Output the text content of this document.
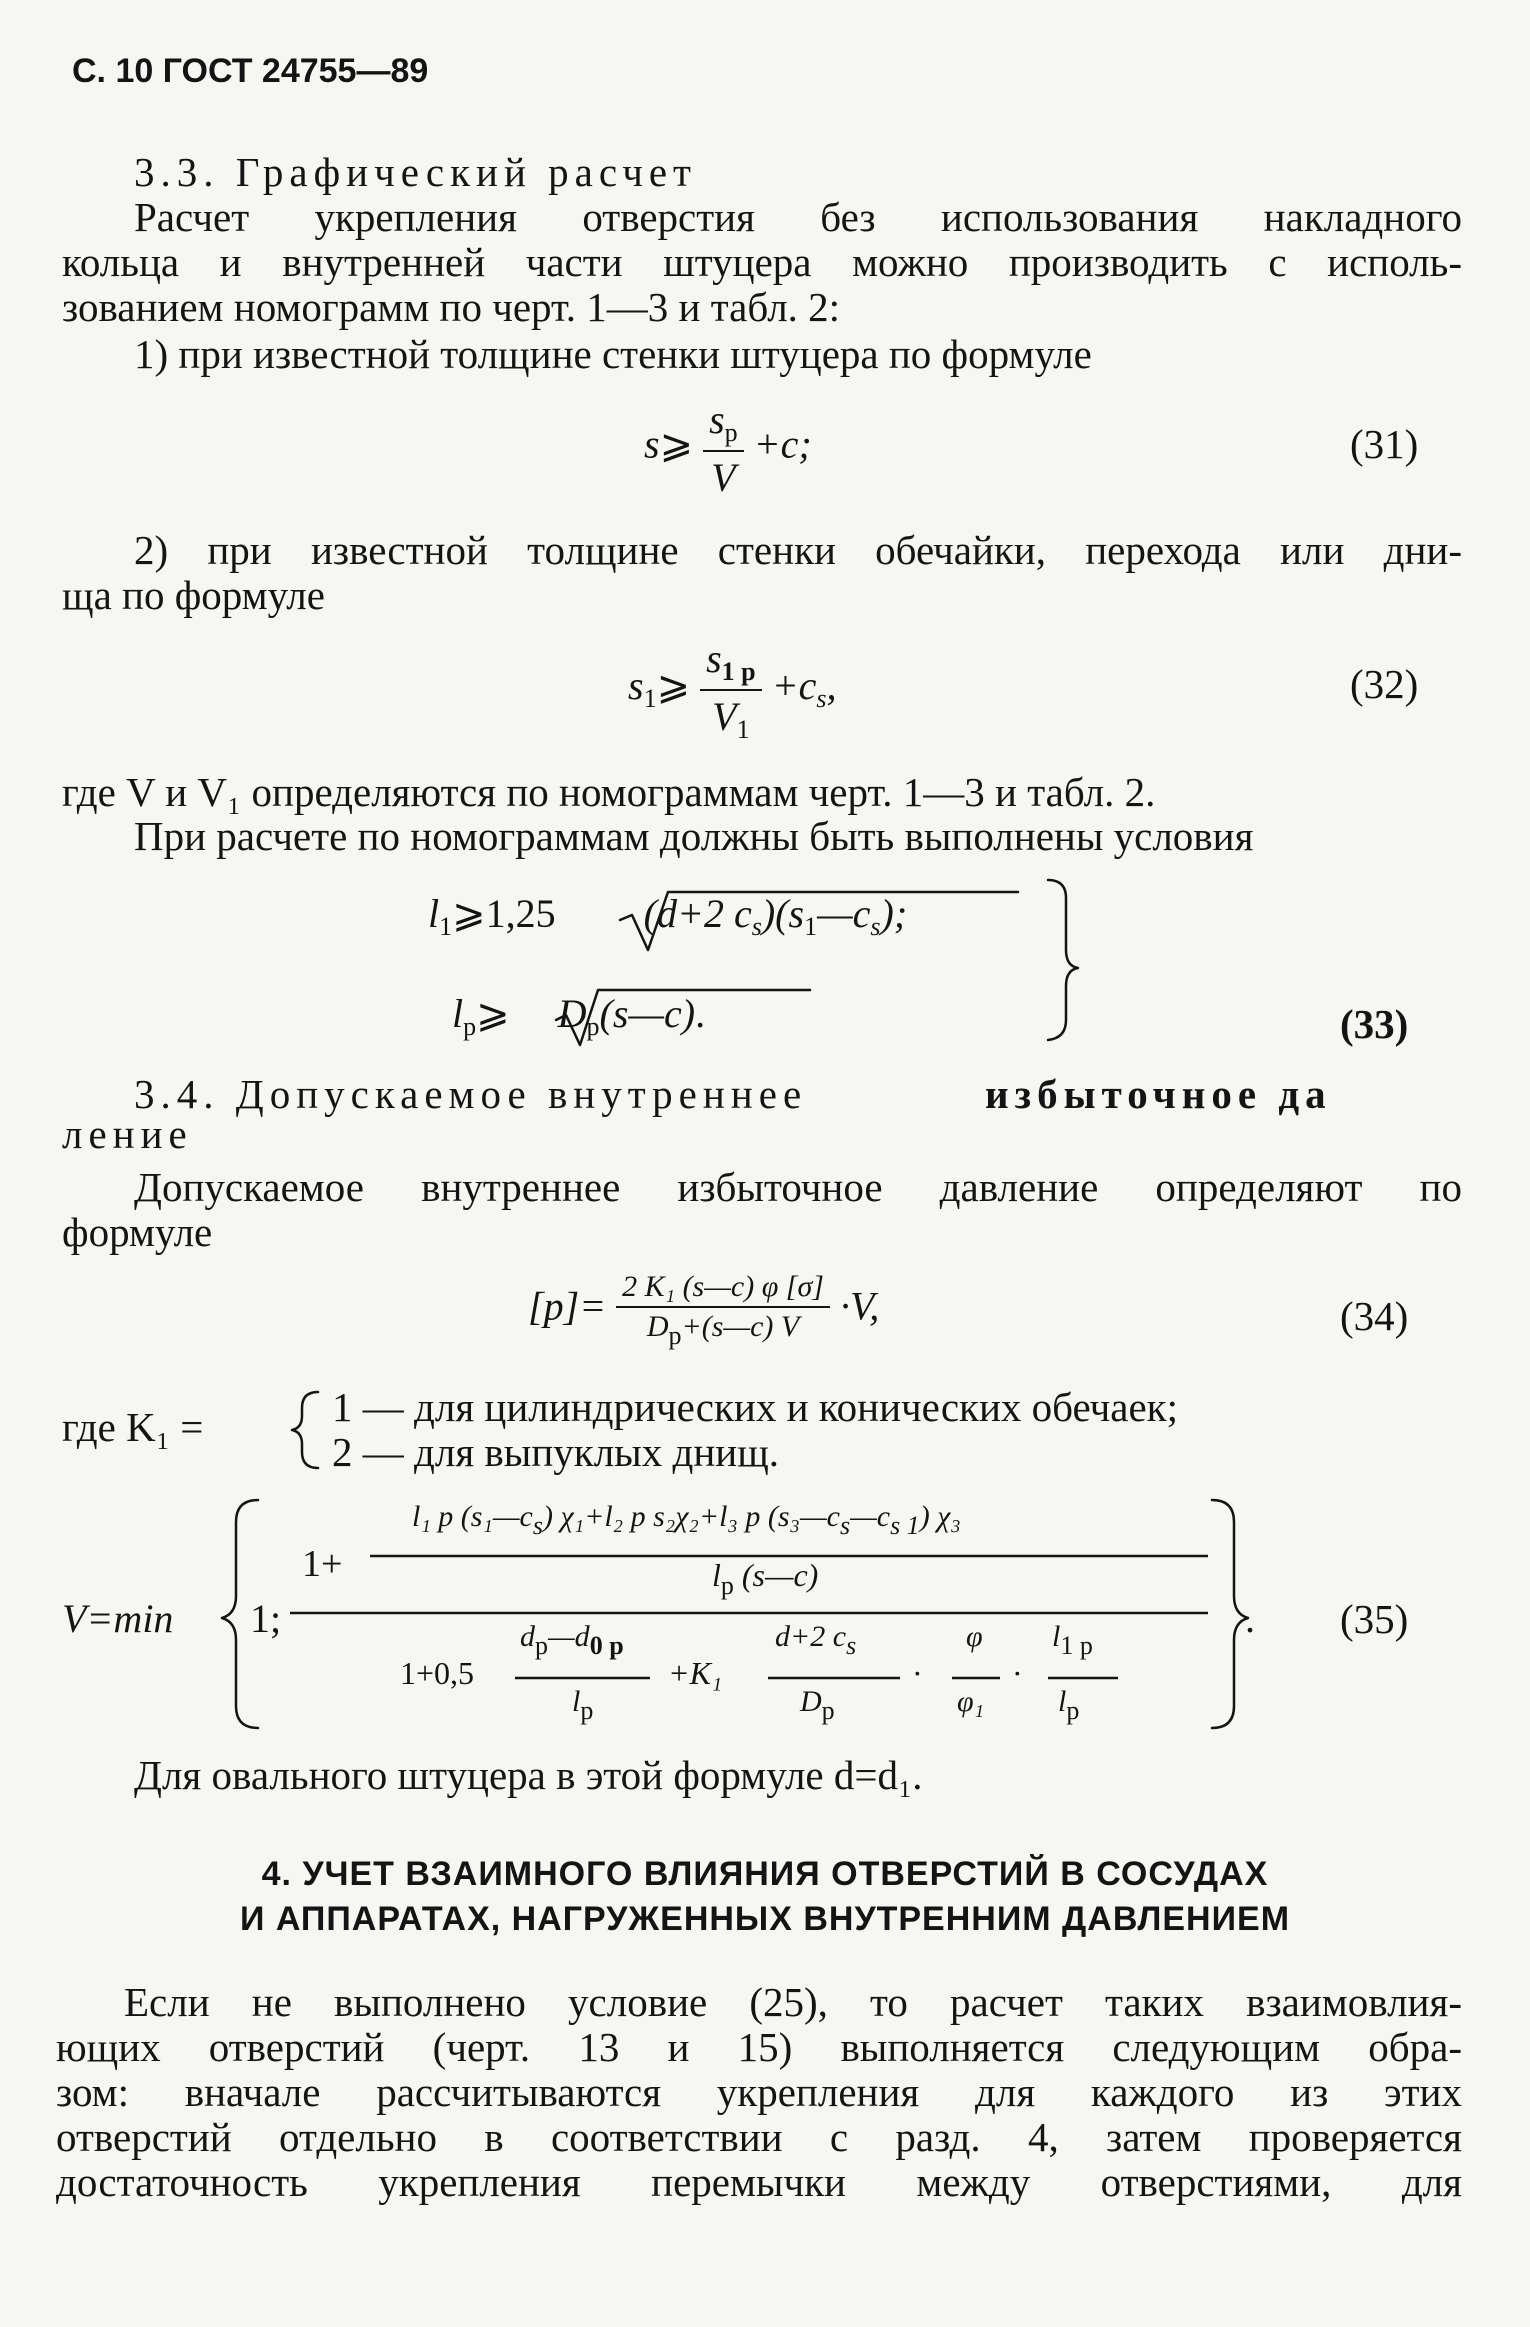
С. 10 ГОСТ 24755—89
3.3. Графический расчет
Расчет укрепления отверстия без использования накладного
кольца и внутренней части штуцера можно производить с исполь-
зованием номограмм по черт. 1—3 и табл. 2:
1) при известной толщине стенки штуцера по формуле
s⩾ $\frac{s_р}{V} +c$;	(31)
2) при известной толщине стенки обечайки, перехода или дни-
ща по формуле
$s_1⩾ \frac{s_{1 р}}{V_1} +c_s$,	(32)
где V и V₁ определяются по номограммам черт. 1—3 и табл. 2.
При расчете по номограммам должны быть выполнены условия
$l_1⩾1,25$ (d+2 $c_s)(s_1—c_s)$;
$l_р⩾$ $D_р(s—c)$.	(33)
3.4. Допускаемое внутреннее	избыточное да
ление
Допускаемое внутреннее избыточное давление определяют по
формуле
$[p]= \frac{\text{2 K₁ (s—c) φ [σ]}}{Dр+(s—c) V} \cdot V$,	(34)
где K₁ =	1 — для цилиндрических и конических обечаек;
2 — для выпуклых днищ.
V=min 1;
1+
l₁ р (s₁—cs) χ₁+l₂ р s₂χ₂+l₃ р (s₃—cs—cs 1) χ₃
$l_р$ (s—c)
1+0,5
dр—d0 р
lр
+K₁
d+2 cs
Dр
·
φ
φ₁
·
l1 р
lр
. (35)
Для овального штуцера в этой формуле d=d₁.
4. УЧЕТ ВЗАИМНОГО ВЛИЯНИЯ ОТВЕРСТИЙ В СОСУДАХ
И АППАРАТАХ, НАГРУЖЕННЫХ ВНУТРЕННИМ ДАВЛЕНИЕМ
Если не выполнено условие (25), то расчет таких взаимовлия-
ющих отверстий (черт. 13 и 15) выполняется следующим обра-
зом: вначале рассчитываются укрепления для каждого из этих
отверстий отдельно в соответствии с разд. 4, затем проверяется
достаточность укрепления перемычки между отверстиями, для
